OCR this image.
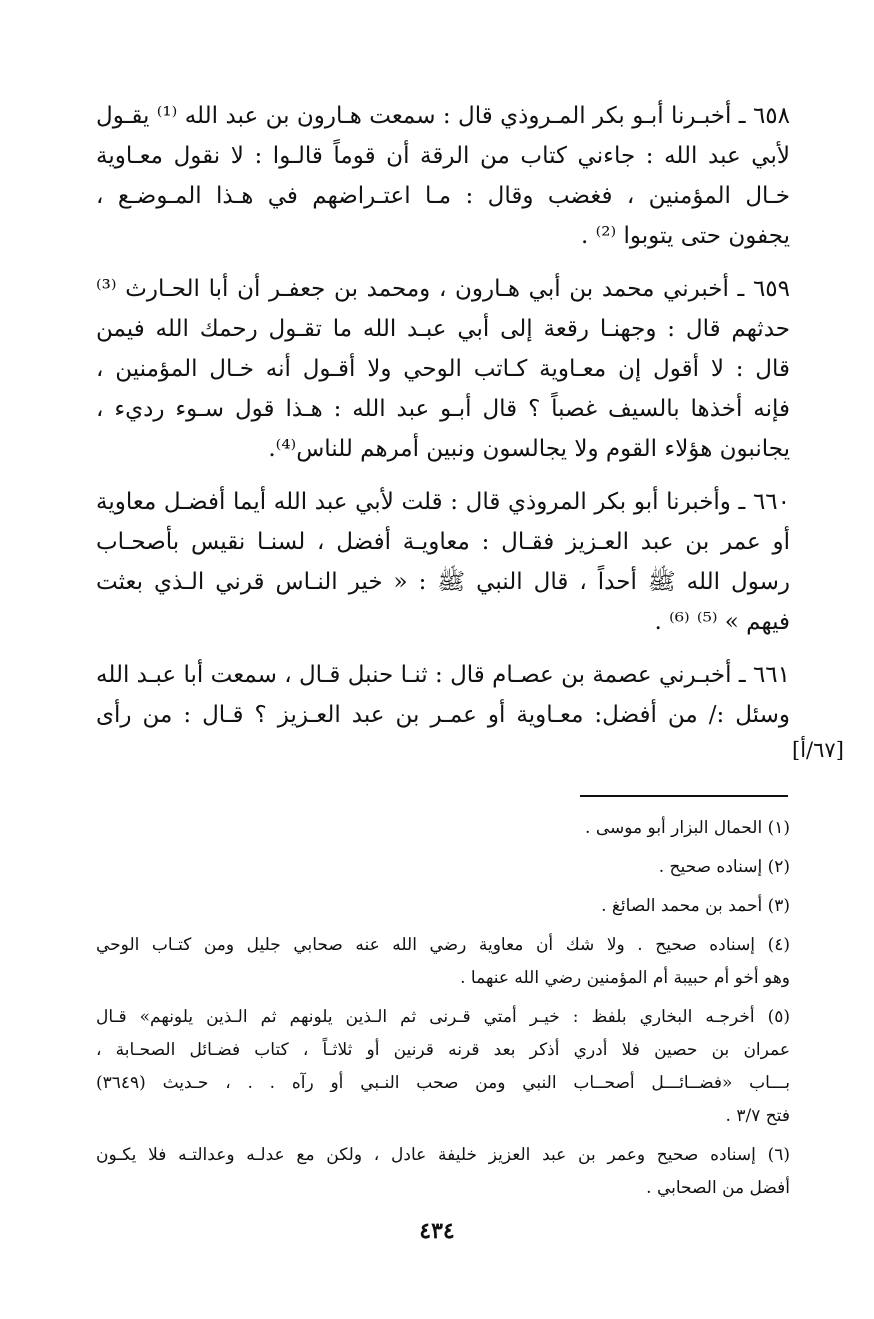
٦٥٨ ـ أخبـرنا أبـو بكر المـروذي قال : سمعت هـارون بن عبد الله ⁽¹⁾ يقـول
لأبي عبد الله : جاءني كتاب من الرقة أن قوماً قالـوا : لا نقول معـاوية
خـال المؤمنين ، فغضب وقال : مـا اعتـراضهم في هـذا المـوضـع ،
يجفون حتى يتوبوا ⁽²⁾ .
٦٥٩ ـ أخبرني محمد بن أبي هـارون ، ومحمد بن جعفـر أن أبا الحـارث ⁽³⁾
حدثهم قال : وجهنـا رقعة إلى أبي عبـد الله ما تقـول رحمك الله فيمن
قال : لا أقول إن معـاوية كـاتب الوحي ولا أقـول أنه خـال المؤمنين ،
فإنه أخذها بالسيف غصباً ؟ قال أبـو عبد الله : هـذا قول سـوء رديء ،
يجانبون هؤلاء القوم ولا يجالسون ونبين أمرهم للناس⁽⁴⁾.
٦٦٠ ـ وأخبرنا أبو بكر المروذي قال : قلت لأبي عبد الله أيما أفضـل معاوية
أو عمر بن عبد العـزيز فقـال : معاويـة أفضل ، لسنـا نقيس بأصحـاب
رسول الله ﷺ أحداً ، قال النبي ﷺ : « خير النـاس قرني الـذي بعثت
فيهم » ⁽⁵⁾ ⁽⁶⁾ .
٦٦١ ـ أخبـرني عصمة بن عصـام قال : ثنـا حنبل قـال ، سمعت أبا عبـد الله
وسئل :/ من أفضل: معـاوية أو عمـر بن عبد العـزيز ؟ قـال : من رأى
[٦٧/أ]
(١) الحمال البزار أبو موسى .
(٢) إسناده صحيح .
(٣) أحمد بن محمد الصائغ .
(٤) إسناده صحيح . ولا شك أن معاوية رضي الله عنه صحابي جليل ومن كتـاب الوحي
وهو أخو أم حبيبة أم المؤمنين رضي الله عنهما .
(٥) أخرجـه البخاري بلفظ : خيـر أمتي قـرنى ثم الـذين يلونهم ثم الـذين يلونهم» قـال
عمران بن حصين فلا أدري أذكر بعد قرنه قرنين أو ثلاثـاً ، كتاب فضـائل الصحـابة ،
بـــاب «فضــائـــل أصحــاب النبي ومن صحب النـبي أو رآه . . ، حـديث (٣٦٤٩)
فتح ٣/٧ .
(٦) إسناده صحيح وعمر بن عبد العزيز خليفة عادل ، ولكن مع عدلـه وعدالتـه فلا يكـون
أفضل من الصحابي .
٤٣٤
